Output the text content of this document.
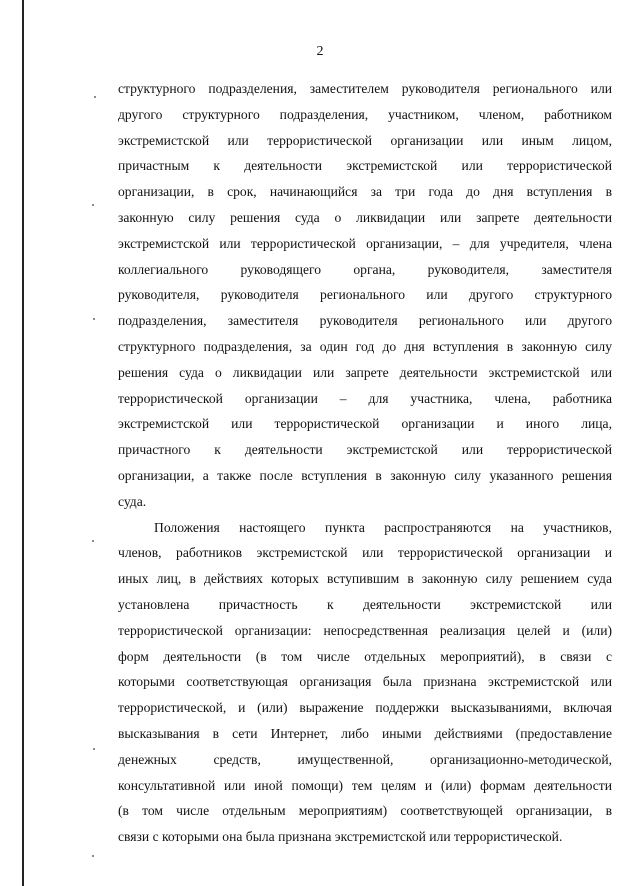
2

структурного подразделения, заместителем руководителя регионального или
другого структурного подразделения, участником, членом, работником
экстремистской или террористической организации или иным лицом,
причастным к деятельности экстремистской или террористической
организации, в срок, начинающийся за три года до дня вступления в
законную силу решения суда о ликвидации или запрете деятельности
экстремистской или террористической организации, – для учредителя, члена
коллегиального руководящего органа, руководителя, заместителя
руководителя, руководителя регионального или другого структурного
подразделения, заместителя руководителя регионального или другого
структурного подразделения, за один год до дня вступления в законную силу
решения суда о ликвидации или запрете деятельности экстремистской или
террористической организации – для участника, члена, работника
экстремистской или террористической организации и иного лица,
причастного к деятельности экстремистской или террористической
организации, а также после вступления в законную силу указанного решения
суда.

Положения настоящего пункта распространяются на участников,
членов, работников экстремистской или террористической организации и
иных лиц, в действиях которых вступившим в законную силу решением суда
установлена причастность к деятельности экстремистской или
террористической организации: непосредственная реализация целей и (или)
форм деятельности (в том числе отдельных мероприятий), в связи с
которыми соответствующая организация была признана экстремистской или
террористической, и (или) выражение поддержки высказываниями, включая
высказывания в сети Интернет, либо иными действиями (предоставление
денежных средств, имущественной, организационно-методической,
консультативной или иной помощи) тем целям и (или) формам деятельности
(в том числе отдельным мероприятиям) соответствующей организации, в
связи с которыми она была признана экстремистской или террористической.
